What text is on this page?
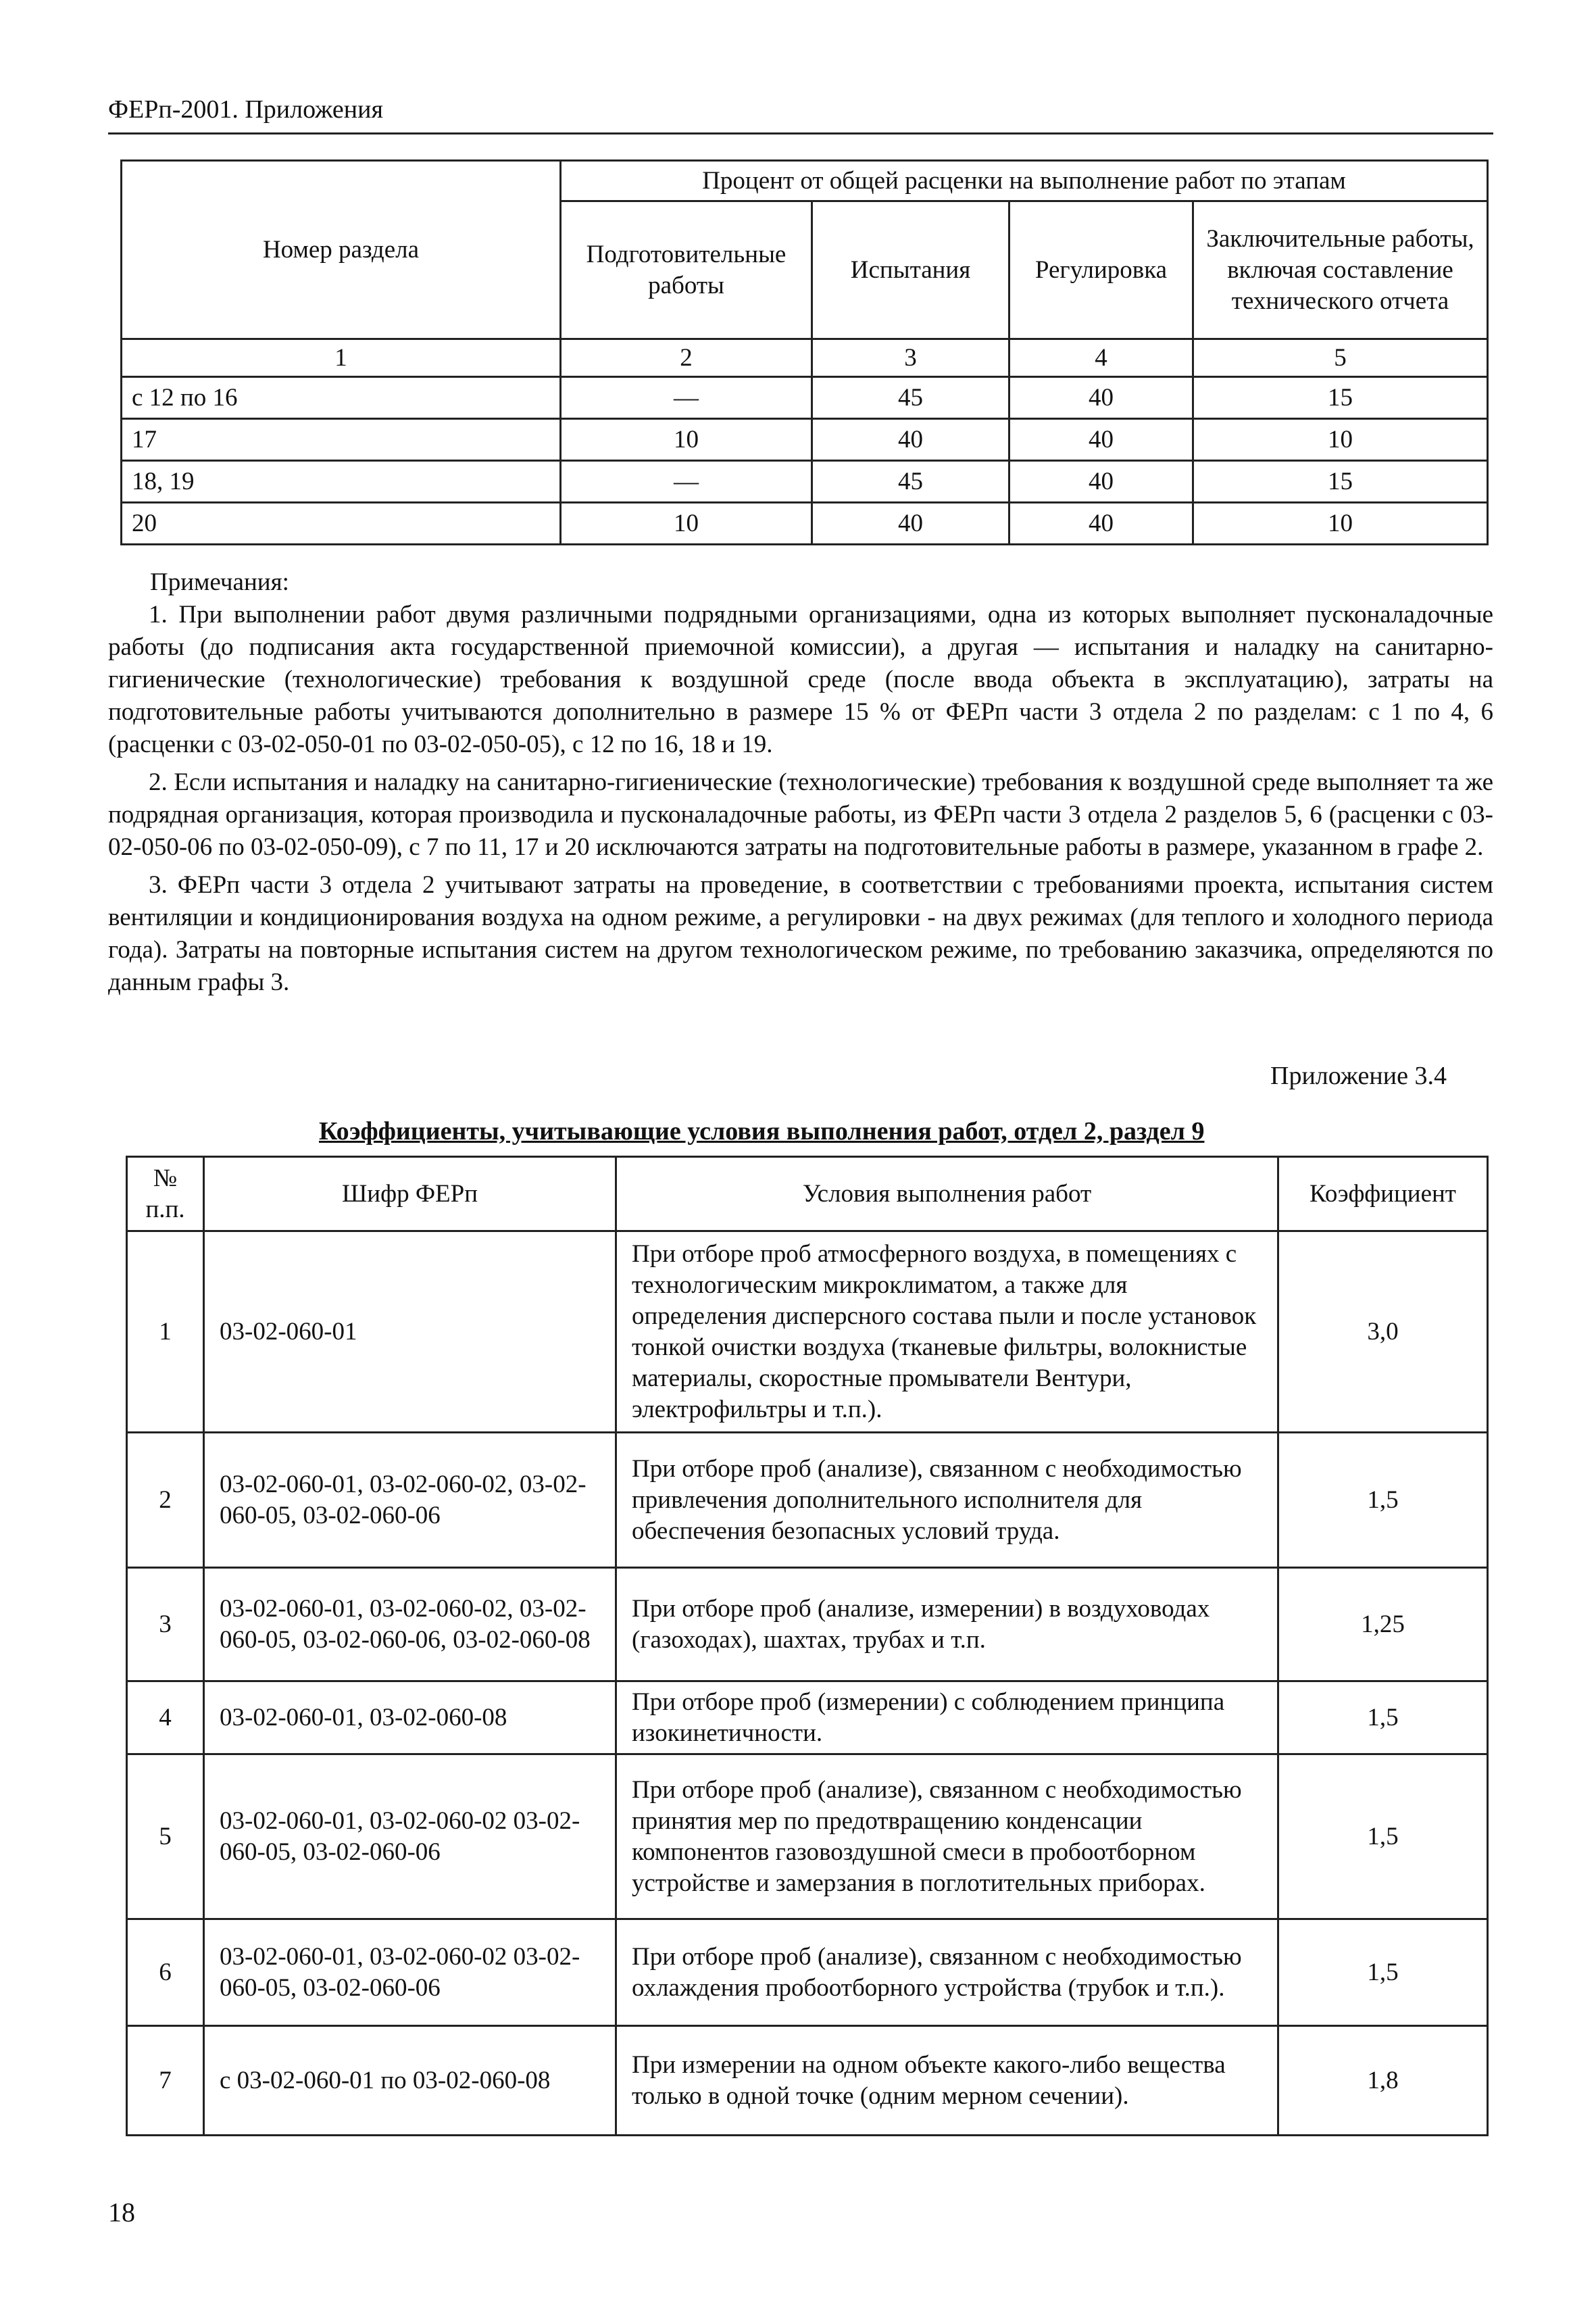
ФЕРп-2001. Приложения
Номер раздела	Процент от общей расценки на выполнение работ по этапам			
	Подготовительные работы	Испытания	Регулировка	Заключительные работы, включая составление технического отчета
1	2	3	4	5
с 12 по 16	—	45	40	15
17	10	40	40	10
18, 19	—	45	40	15
20	10	40	40	10

Примечания:

1. При выполнении работ двумя различными подрядными организациями, одна из которых выполняет пусконаладочные работы (до подписания акта государственной приемочной комиссии), а другая — испытания и наладку на санитарно-гигиенические (технологические) требования к воздушной среде (после ввода объекта в эксплуатацию), затраты на подготовительные работы учитываются дополнительно в размере 15 % от ФЕРп части 3 отдела 2 по разделам: с 1 по 4, 6 (расценки с 03-02-050-01 по 03-02-050-05), с 12 по 16, 18 и 19.

2. Если испытания и наладку на санитарно-гигиенические (технологические) требования к воздушной среде выполняет та же подрядная организация, которая производила и пусконаладочные работы, из ФЕРп части 3 отдела 2 разделов 5, 6 (расценки с 03-02-050-06 по 03-02-050-09), с 7 по 11, 17 и 20 исключаются затраты на подготовительные работы в размере, указанном в графе 2.

3. ФЕРп части 3 отдела 2 учитывают затраты на проведение, в соответствии с требованиями проекта, испытания систем вентиляции и кондиционирования воздуха на одном режиме, а регулировки - на двух режимах (для теплого и холодного периода года). Затраты на повторные испытания систем на другом технологическом режиме, по требованию заказчика, определяются по данным графы 3.

Приложение 3.4
Коэффициенты, учитывающие условия выполнения работ, отдел 2, раздел 9
№ п.п.	Шифр ФЕРп	Условия выполнения работ	Коэффициент
1	03-02-060-01	При отборе проб атмосферного воздуха, в помещениях с технологическим микроклиматом, а также для определения дисперсного состава пыли и после установок тонкой очистки воздуха (тканевые фильтры, волокнистые материалы, скоростные промыватели Вентури, электрофильтры и т.п.).	3,0
2	03-02-060-01, 03-02-060-02, 03-02-060-05, 03-02-060-06	При отборе проб (анализе), связанном с необходимостью привлечения дополнительного исполнителя для обеспечения безопасных условий труда.	1,5
3	03-02-060-01, 03-02-060-02, 03-02-060-05, 03-02-060-06, 03-02-060-08	При отборе проб (анализе, измерении) в воздуховодах (газоходах), шахтах, трубах и т.п.	1,25
4	03-02-060-01, 03-02-060-08	При отборе проб (измерении) с соблюдением принципа изокинетичности.	1,5
5	03-02-060-01, 03-02-060-02 03-02-060-05, 03-02-060-06	При отборе проб (анализе), связанном с необходимостью принятия мер по предотвращению конденсации компонентов газовоздушной смеси в пробоотборном устройстве и замерзания в поглотительных приборах.	1,5
6	03-02-060-01, 03-02-060-02 03-02-060-05, 03-02-060-06	При отборе проб (анализе), связанном с необходимостью охлаждения пробоотборного устройства (трубок и т.п.).	1,5
7	с 03-02-060-01 по 03-02-060-08	При измерении на одном объекте какого-либо вещества только в одной точке (одним мерном сечении).	1,8
18
